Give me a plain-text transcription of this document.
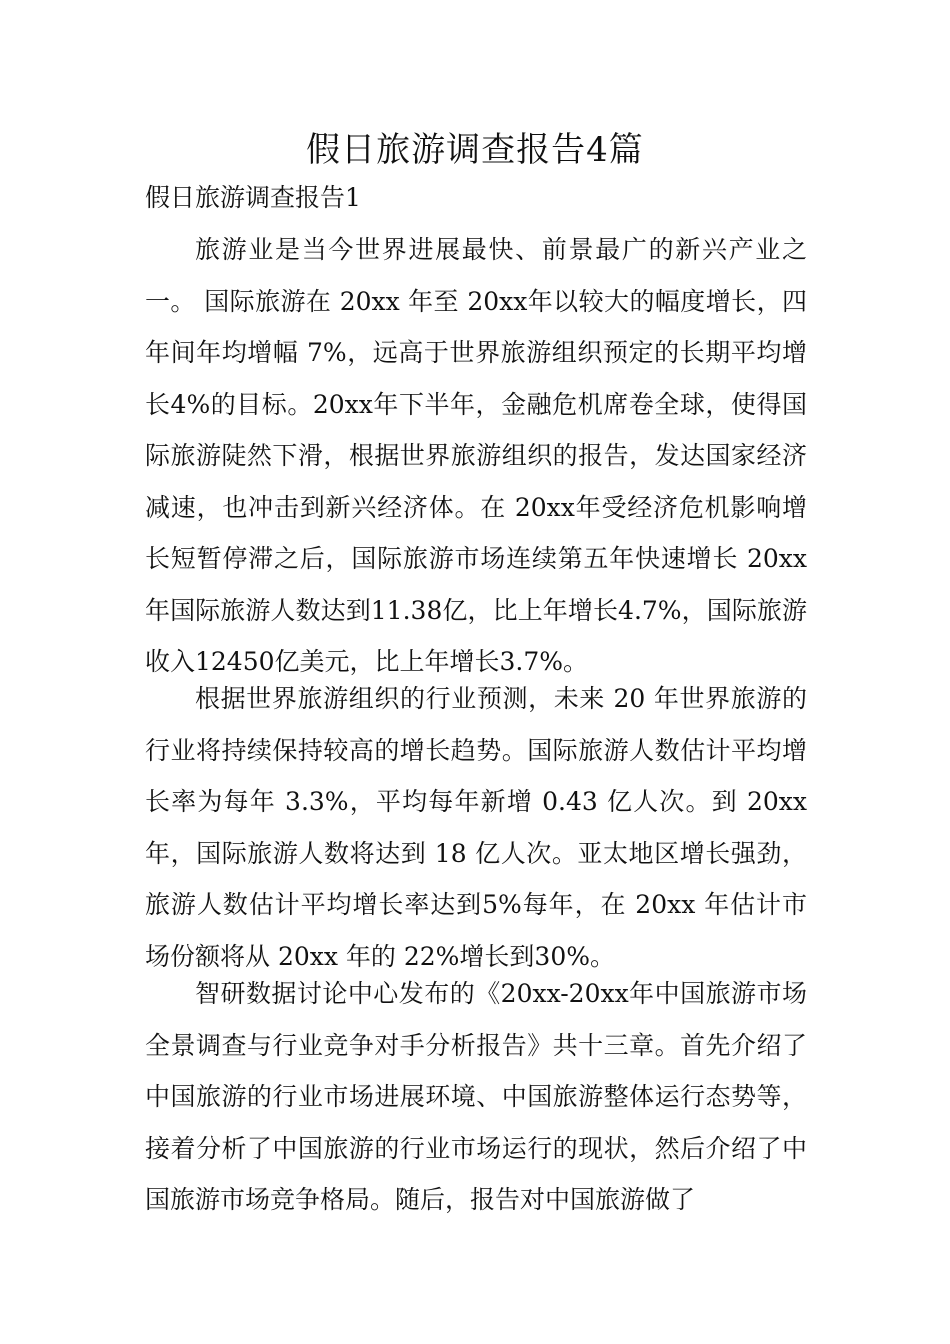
假日旅游调查报告4篇
假日旅游调查报告1

旅游业是当今世界进展最快、前景最广的新兴产业之一。 国际旅游在 20xx 年至 20xx年以较大的幅度增长，四年间年均增幅 7%，远高于世界旅游组织预定的长期平均增长4%的目标。20xx年下半年，金融危机席卷全球，使得国际旅游陡然下滑，根据世界旅游组织的报告，发达国家经济减速，也冲击到新兴经济体。在 20xx年受经济危机影响增长短暂停滞之后，国际旅游市场连续第五年快速增长 20xx年国际旅游人数达到11.38亿，比上年增长4.7%，国际旅游收入12450亿美元，比上年增长3.7%。

根据世界旅游组织的行业预测，未来 20 年世界旅游的行业将持续保持较高的增长趋势。国际旅游人数估计平均增长率为每年 3.3%，平均每年新增 0.43 亿人次。到 20xx 年，国际旅游人数将达到 18 亿人次。亚太地区增长强劲，旅游人数估计平均增长率达到5%每年，在 20xx 年估计市场份额将从 20xx 年的 22%增长到30%。

智研数据讨论中心发布的《20xx-20xx年中国旅游市场全景调查与行业竞争对手分析报告》共十三章。首先介绍了中国旅游的行业市场进展环境、中国旅游整体运行态势等，接着分析了中国旅游的行业市场运行的现状，然后介绍了中国旅游市场竞争格局。随后，报告对中国旅游做了
